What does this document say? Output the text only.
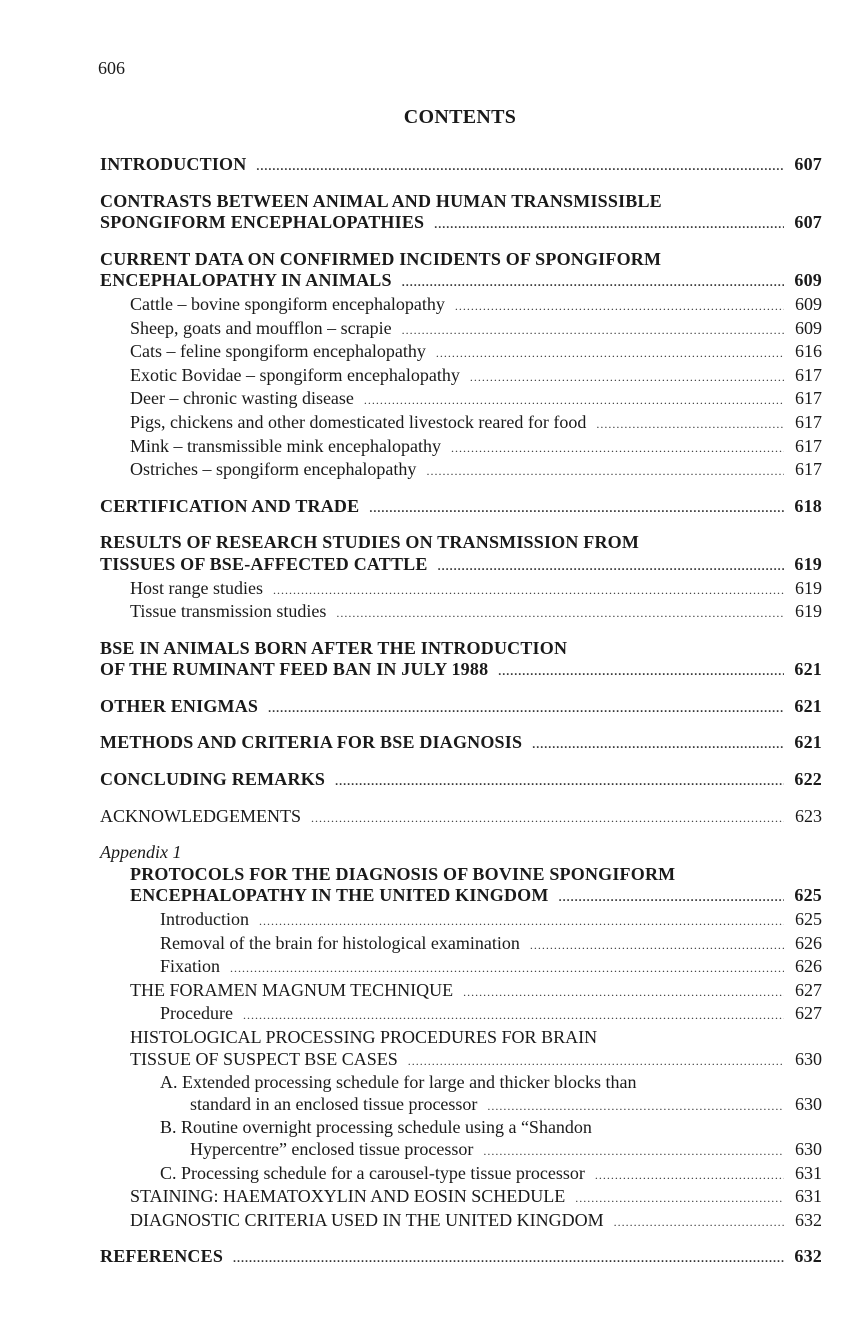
606
CONTENTS
INTRODUCTION .....	607
CONTRASTS BETWEEN ANIMAL AND HUMAN TRANSMISSIBLE
SPONGIFORM ENCEPHALOPATHIES .....	607
CURRENT DATA ON CONFIRMED INCIDENTS OF SPONGIFORM
ENCEPHALOPATHY IN ANIMALS .....	609
Cattle – bovine spongiform encephalopathy .....	609
Sheep, goats and moufflon – scrapie .....	609
Cats – feline spongiform encephalopathy .....	616
Exotic Bovidae – spongiform encephalopathy .....	617
Deer – chronic wasting disease .....	617
Pigs, chickens and other domesticated livestock reared for food .....	617
Mink – transmissible mink encephalopathy .....	617
Ostriches – spongiform encephalopathy .....	617
CERTIFICATION AND TRADE .....	618
RESULTS OF RESEARCH STUDIES ON TRANSMISSION FROM
TISSUES OF BSE-AFFECTED CATTLE .....	619
Host range studies .....	619
Tissue transmission studies .....	619
BSE IN ANIMALS BORN AFTER THE INTRODUCTION
OF THE RUMINANT FEED BAN IN JULY 1988 .....	621
OTHER ENIGMAS .....	621
METHODS AND CRITERIA FOR BSE DIAGNOSIS .....	621
CONCLUDING REMARKS .....	622
ACKNOWLEDGEMENTS .....	623
Appendix 1
PROTOCOLS FOR THE DIAGNOSIS OF BOVINE SPONGIFORM
ENCEPHALOPATHY IN THE UNITED KINGDOM .....	625
Introduction .....	625
Removal of the brain for histological examination .....	626
Fixation .....	626
THE FORAMEN MAGNUM TECHNIQUE .....	627
Procedure .....	627
HISTOLOGICAL PROCESSING PROCEDURES FOR BRAIN
TISSUE OF SUSPECT BSE CASES .....	630
A. Extended processing schedule for large and thicker blocks than
standard in an enclosed tissue processor .....	630
B. Routine overnight processing schedule using a “Shandon
Hypercentre” enclosed tissue processor .....	630
C. Processing schedule for a carousel-type tissue processor .....	631
STAINING: HAEMATOXYLIN AND EOSIN SCHEDULE .....	631
DIAGNOSTIC CRITERIA USED IN THE UNITED KINGDOM .....	632
REFERENCES .....	632
